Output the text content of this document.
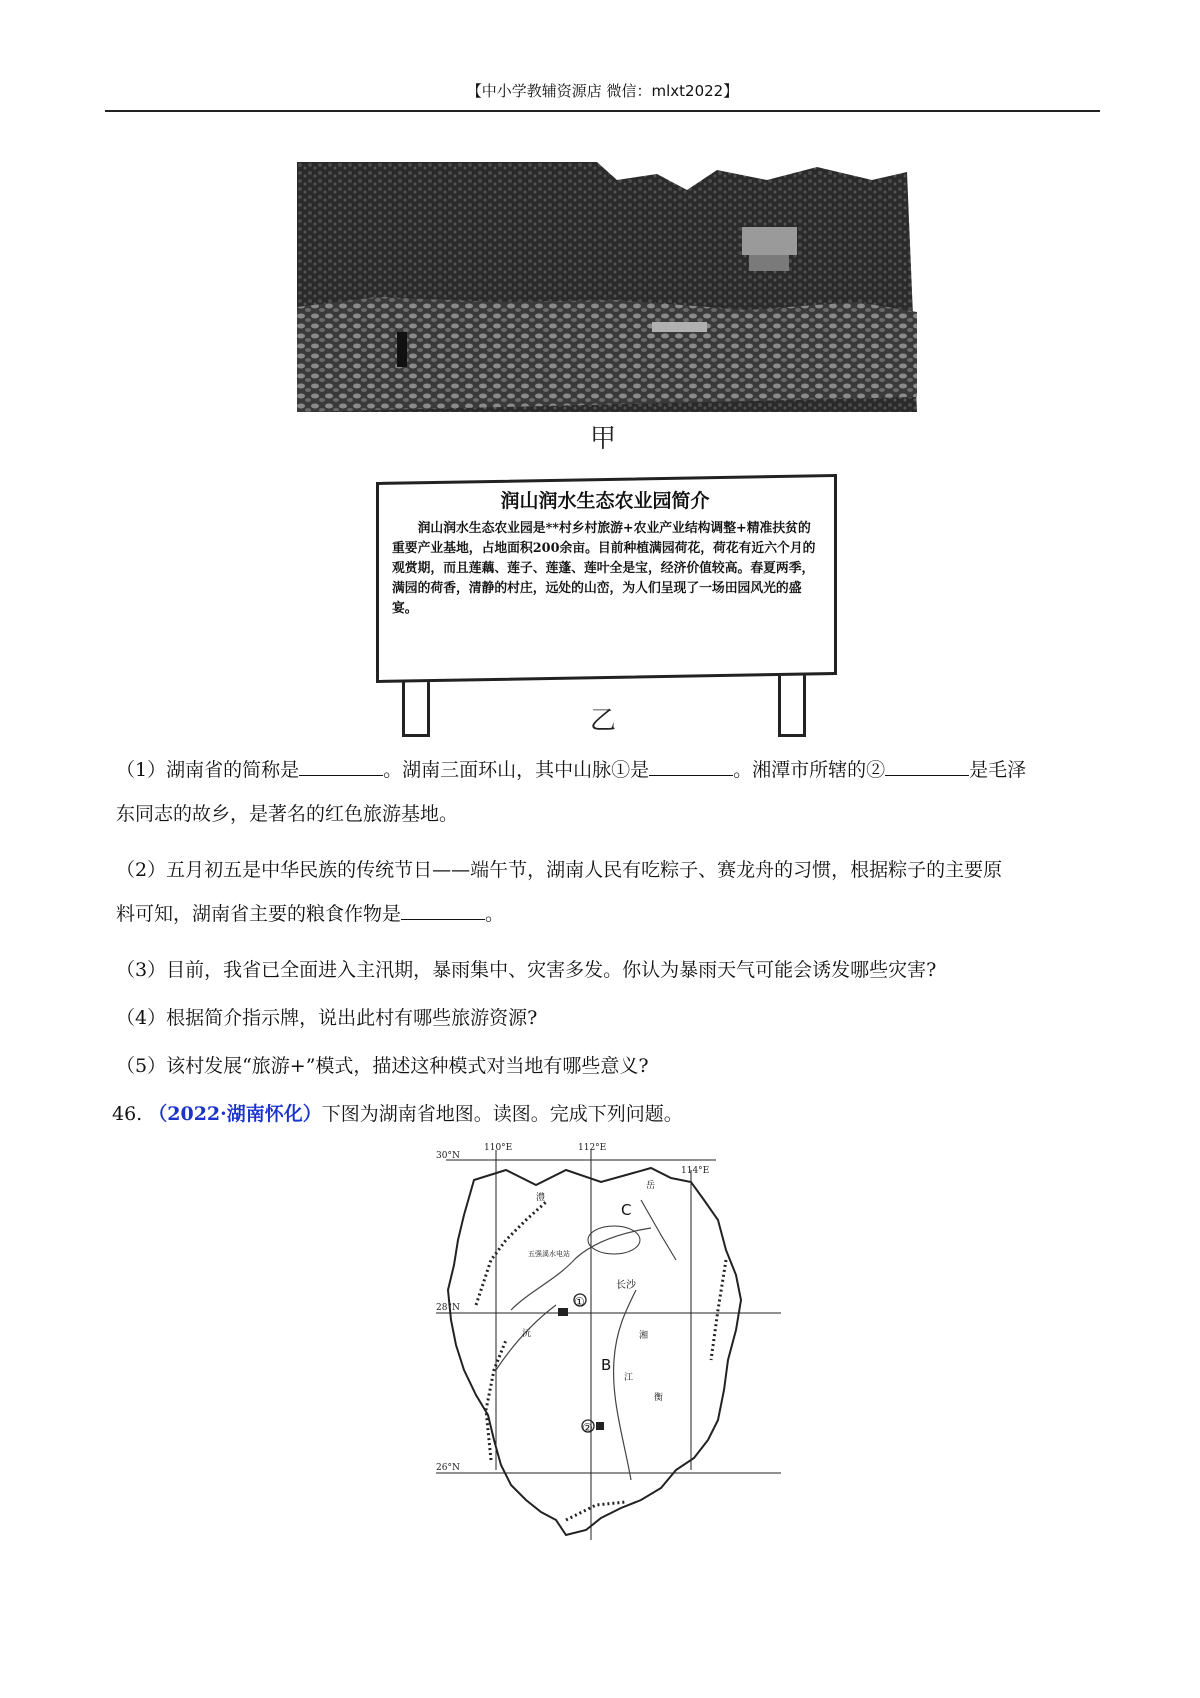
【中小学教辅资源店 微信：mlxt2022】
甲
润山润水生态农业园简介
润山润水生态农业园是**村乡村旅游+农业产业结构调整+精准扶贫的重要产业基地，占地面积200余亩。目前种植满园荷花，荷花有近六个月的观赏期，而且莲藕、莲子、莲蓬、莲叶全是宝，经济价值较高。春夏两季，满园的荷香，清静的村庄，远处的山峦，为人们呈现了一场田园风光的盛宴。
乙
（1）湖南省的简称是	。湖南三面环山，其中山脉①是	。湘潭市所辖的②	是毛泽
东同志的故乡，是著名的红色旅游基地。
（2）五月初五是中华民族的传统节日——端午节，湖南人民有吃粽子、赛龙舟的习惯，根据粽子的主要原
料可知，湖南省主要的粮食作物是	。
（3）目前，我省已全面进入主汛期，暴雨集中、灾害多发。你认为暴雨天气可能会诱发哪些灾害?
（4）根据简介指示牌，说出此村有哪些旅游资源?
（5）该村发展“旅游+”模式，描述这种模式对当地有哪些意义?
46. （2022·湖南怀化）下图为湖南省地图。读图。完成下列问题。
110°E	112°E
114°E
30°N
28°N
26°N
C
B
①
②
长沙
五强溪水电站
湘
江
沅
澧
衡
岳
